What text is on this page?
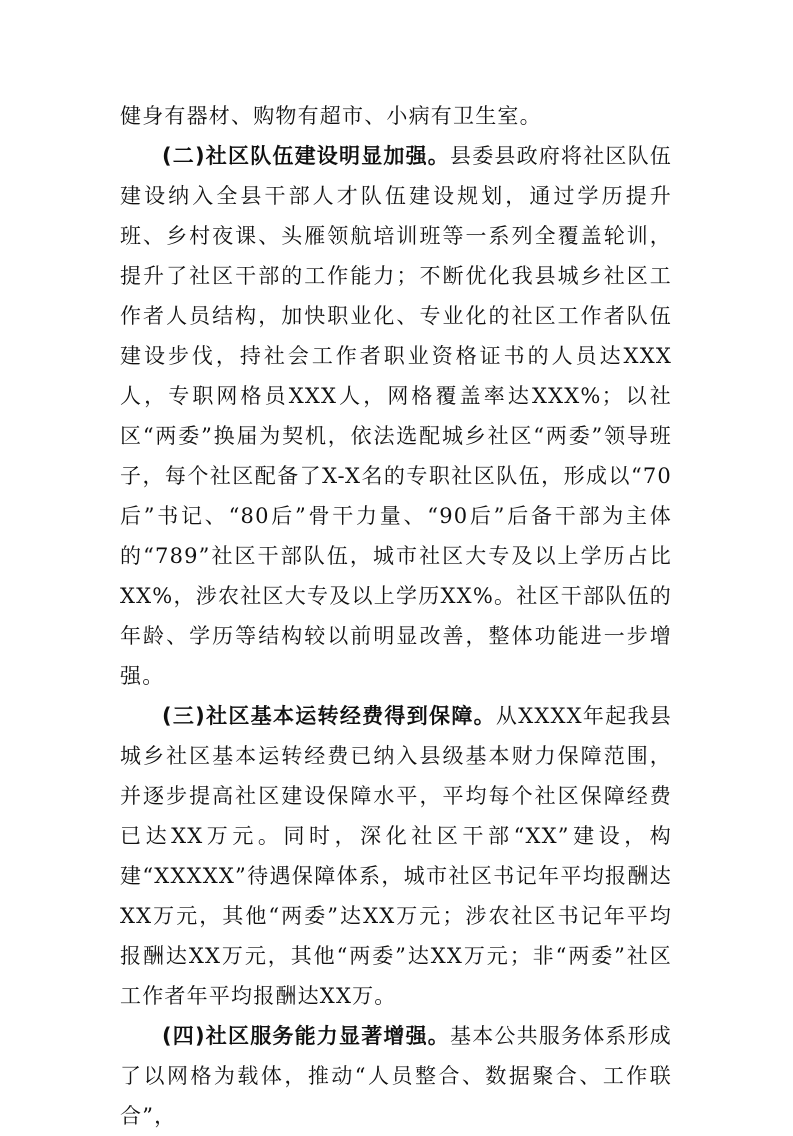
健身有器材、购物有超市、小病有卫生室。

(二)社区队伍建设明显加强。县委县政府将社区队伍建设纳入全县干部人才队伍建设规划，通过学历提升班、乡村夜课、头雁领航培训班等一系列全覆盖轮训，提升了社区干部的工作能力；不断优化我县城乡社区工作者人员结构，加快职业化、专业化的社区工作者队伍建设步伐，持社会工作者职业资格证书的人员达XXX人，专职网格员XXX人，网格覆盖率达XXX%；以社区“两委”换届为契机，依法选配城乡社区“两委”领导班子，每个社区配备了X-X名的专职社区队伍，形成以“70后”书记、“80后”骨干力量、“90后”后备干部为主体的“789”社区干部队伍，城市社区大专及以上学历占比XX%，涉农社区大专及以上学历XX%。社区干部队伍的年龄、学历等结构较以前明显改善，整体功能进一步增强。

(三)社区基本运转经费得到保障。从XXXX年起我县城乡社区基本运转经费已纳入县级基本财力保障范围，并逐步提高社区建设保障水平，平均每个社区保障经费已达XX万元。同时，深化社区干部“XX”建设，构建“XXXXX”待遇保障体系，城市社区书记年平均报酬达XX万元，其他“两委”达XX万元；涉农社区书记年平均报酬达XX万元，其他“两委”达XX万元；非“两委”社区工作者年平均报酬达XX万。

(四)社区服务能力显著增强。基本公共服务体系形成了以网格为载体，推动“人员整合、数据聚合、工作联合”，
